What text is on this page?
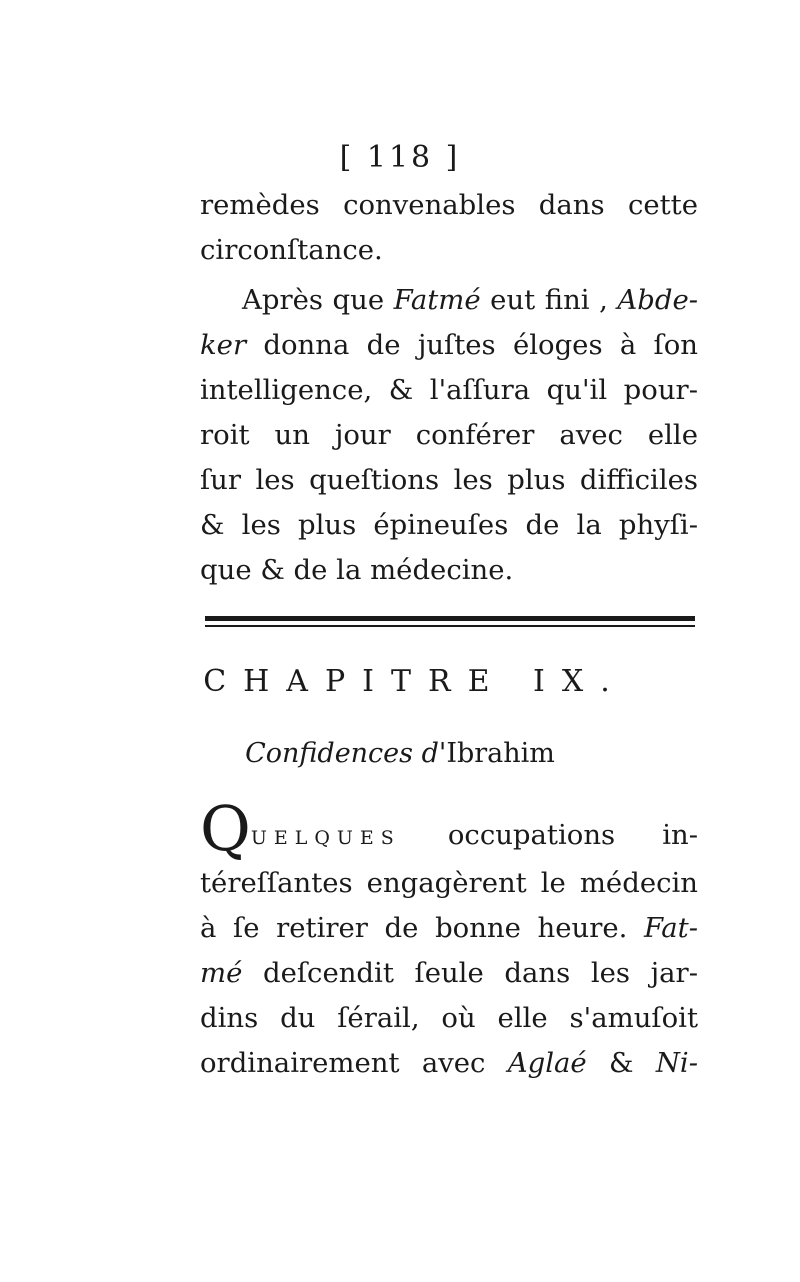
[ 118 ]
remèdes convenables dans cette
circonſtance.
Après que Fatmé eut fini , Abde-
ker donna de juſtes éloges à ſon
intelligence, & l'aſſura qu'il pour-
roit un jour conférer avec elle
ſur les queſtions les plus difficiles
& les plus épineuſes de la phyſi-
que & de la médecine.
CHAPITRE IX.
Confidences d'Ibrahim
QUELQUES occupations in-
téreſſantes engagèrent le médecin
à ſe retirer de bonne heure. Fat-
mé deſcendit ſeule dans les jar-
dins du ſérail, où elle s'amuſoit
ordinairement avec Aglaé & Ni-
